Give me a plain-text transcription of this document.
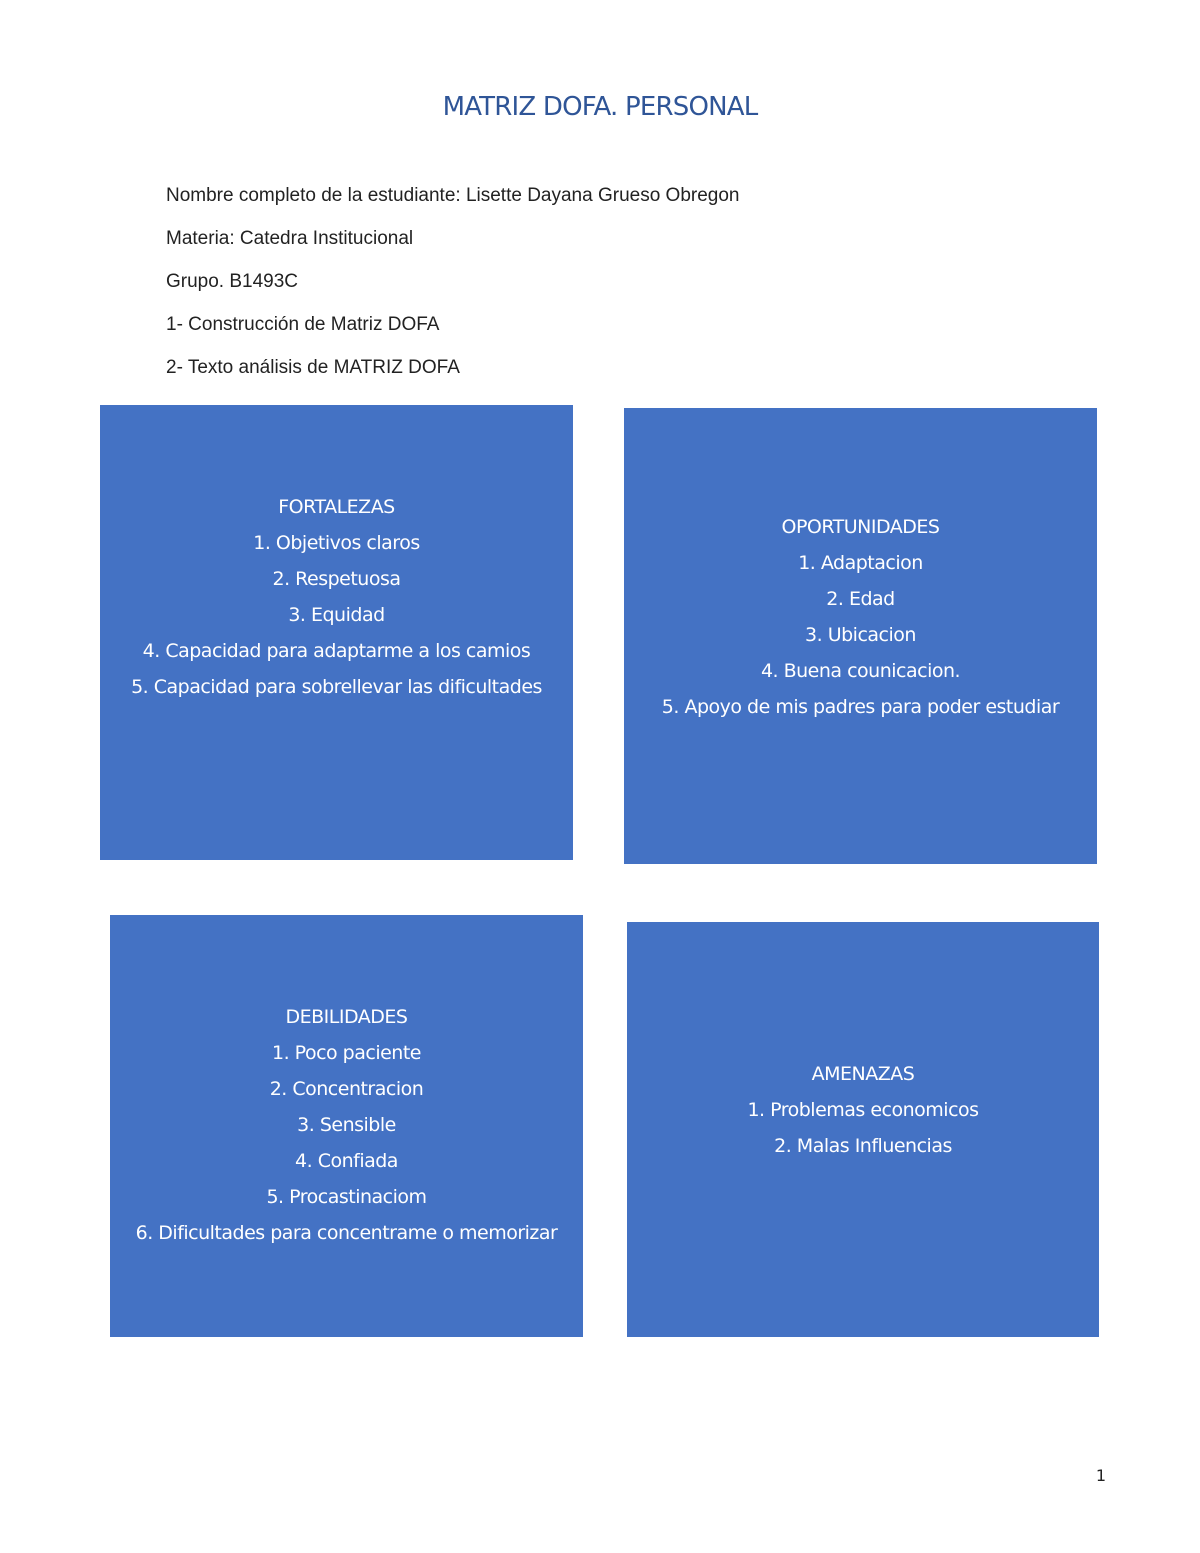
MATRIZ DOFA. PERSONAL
Nombre completo de la estudiante: Lisette Dayana Grueso Obregon
Materia: Catedra Institucional
Grupo. B1493C
1- Construcción de Matriz DOFA
2- Texto análisis de MATRIZ DOFA
FORTALEZAS
1. Objetivos claros
2. Respetuosa
3. Equidad
4. Capacidad para adaptarme a los camios
5. Capacidad para sobrellevar las dificultades
OPORTUNIDADES
1. Adaptacion
2. Edad
3. Ubicacion
4. Buena counicacion.
5. Apoyo de mis padres para poder estudiar
DEBILIDADES
1. Poco paciente
2. Concentracion
3. Sensible
4. Confiada
5. Procastinaciom
6. Dificultades para concentrame o memorizar
AMENAZAS
1. Problemas economicos
2. Malas Influencias
1
